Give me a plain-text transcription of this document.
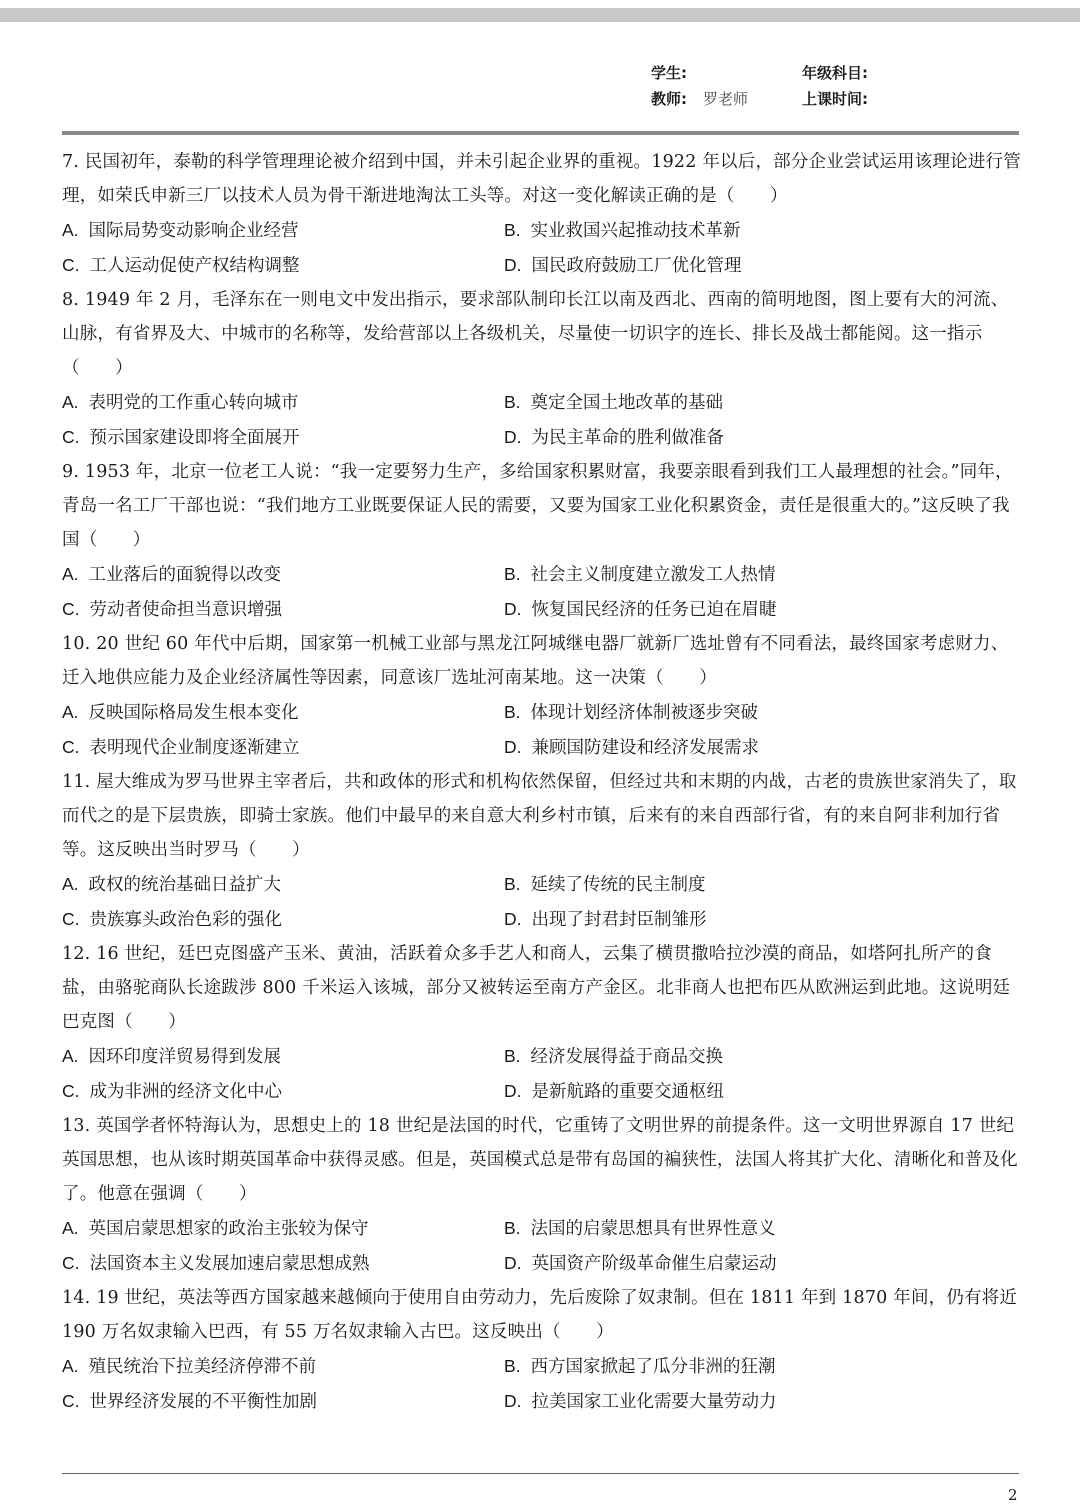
学生:	年级科目:
教师: 罗老师	上课时间:

7. 民国初年，泰勒的科学管理理论被介绍到中国，并未引起企业界的重视。1922 年以后，部分企业尝试运用该理论进行管理，如荣氏申新三厂以技术人员为骨干渐进地淘汰工头等。对这一变化解读正确的是（　　）

A. 国际局势变动影响企业经营	B. 实业救国兴起推动技术革新
C. 工人运动促使产权结构调整	D. 国民政府鼓励工厂优化管理

8. 1949 年 2 月，毛泽东在一则电文中发出指示，要求部队制印长江以南及西北、西南的简明地图，图上要有大的河流、山脉，有省界及大、中城市的名称等，发给营部以上各级机关，尽量使一切识字的连长、排长及战士都能阅。这一指示（　　）

A. 表明党的工作重心转向城市	B. 奠定全国土地改革的基础
C. 预示国家建设即将全面展开	D. 为民主革命的胜利做准备

9. 1953 年，北京一位老工人说：“我一定要努力生产，多给国家积累财富，我要亲眼看到我们工人最理想的社会。”同年，青岛一名工厂干部也说：“我们地方工业既要保证人民的需要，又要为国家工业化积累资金，责任是很重大的。”这反映了我国（　　）

A. 工业落后的面貌得以改变	B. 社会主义制度建立激发工人热情
C. 劳动者使命担当意识增强	D. 恢复国民经济的任务已迫在眉睫

10. 20 世纪 60 年代中后期，国家第一机械工业部与黑龙江阿城继电器厂就新厂选址曾有不同看法，最终国家考虑财力、迁入地供应能力及企业经济属性等因素，同意该厂选址河南某地。这一决策（　　）

A. 反映国际格局发生根本变化	B. 体现计划经济体制被逐步突破
C. 表明现代企业制度逐渐建立	D. 兼顾国防建设和经济发展需求

11. 屋大维成为罗马世界主宰者后，共和政体的形式和机构依然保留，但经过共和末期的内战，古老的贵族世家消失了，取而代之的是下层贵族，即骑士家族。他们中最早的来自意大利乡村市镇，后来有的来自西部行省，有的来自阿非利加行省等。这反映出当时罗马（　　）

A. 政权的统治基础日益扩大	B. 延续了传统的民主制度
C. 贵族寡头政治色彩的强化	D. 出现了封君封臣制雏形

12. 16 世纪，廷巴克图盛产玉米、黄油，活跃着众多手艺人和商人，云集了横贯撒哈拉沙漠的商品，如塔阿扎所产的食盐，由骆驼商队长途跋涉 800 千米运入该城，部分又被转运至南方产金区。北非商人也把布匹从欧洲运到此地。这说明廷巴克图（　　）

A. 因环印度洋贸易得到发展	B. 经济发展得益于商品交换
C. 成为非洲的经济文化中心	D. 是新航路的重要交通枢纽

13. 英国学者怀特海认为，思想史上的 18 世纪是法国的时代，它重铸了文明世界的前提条件。这一文明世界源自 17 世纪英国思想，也从该时期英国革命中获得灵感。但是，英国模式总是带有岛国的褊狭性，法国人将其扩大化、清晰化和普及化了。他意在强调（　　）

A. 英国启蒙思想家的政治主张较为保守	B. 法国的启蒙思想具有世界性意义
C. 法国资本主义发展加速启蒙思想成熟	D. 英国资产阶级革命催生启蒙运动

14. 19 世纪，英法等西方国家越来越倾向于使用自由劳动力，先后废除了奴隶制。但在 1811 年到 1870 年间，仍有将近 190 万名奴隶输入巴西，有 55 万名奴隶输入古巴。这反映出（　　）

A. 殖民统治下拉美经济停滞不前	B. 西方国家掀起了瓜分非洲的狂潮
C. 世界经济发展的不平衡性加剧	D. 拉美国家工业化需要大量劳动力
2
